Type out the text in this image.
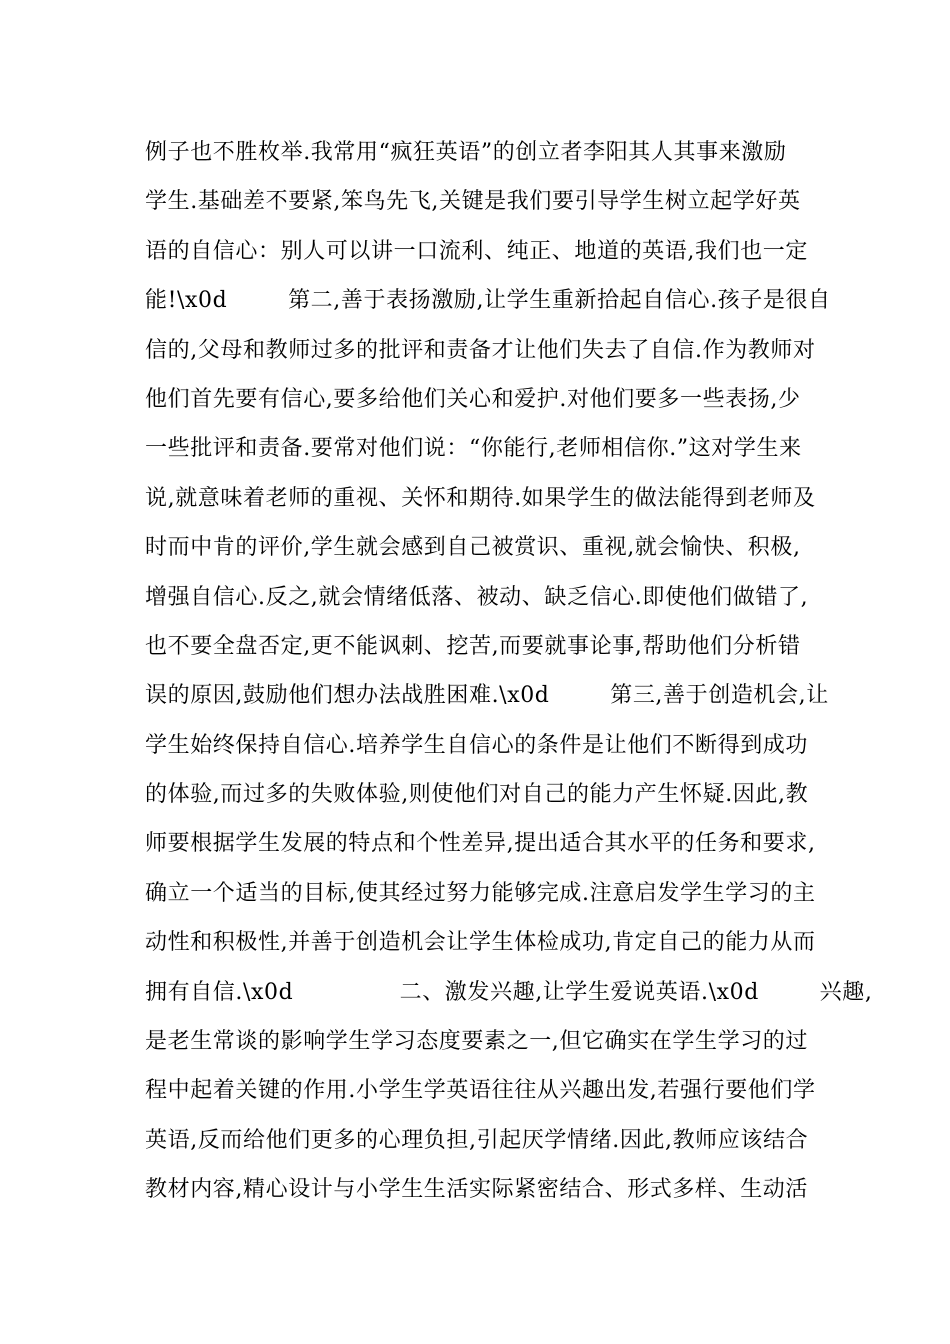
例子也不胜枚举.我常用“疯狂英语”的创立者李阳其人其事来激励
学生.基础差不要紧,笨鸟先飞,关键是我们要引导学生树立起学好英
语的自信心：别人可以讲一口流利、纯正、地道的英语,我们也一定
能!\x0d        第二,善于表扬激励,让学生重新拾起自信心.孩子是很自
信的,父母和教师过多的批评和责备才让他们失去了自信.作为教师对
他们首先要有信心,要多给他们关心和爱护.对他们要多一些表扬,少
一些批评和责备.要常对他们说：“你能行,老师相信你.”这对学生来
说,就意味着老师的重视、关怀和期待.如果学生的做法能得到老师及
时而中肯的评价,学生就会感到自己被赏识、重视,就会愉快、积极,
增强自信心.反之,就会情绪低落、被动、缺乏信心.即使他们做错了,
也不要全盘否定,更不能讽刺、挖苦,而要就事论事,帮助他们分析错
误的原因,鼓励他们想办法战胜困难.\x0d        第三,善于创造机会,让
学生始终保持自信心.培养学生自信心的条件是让他们不断得到成功
的体验,而过多的失败体验,则使他们对自己的能力产生怀疑.因此,教
师要根据学生发展的特点和个性差异,提出适合其水平的任务和要求,
确立一个适当的目标,使其经过努力能够完成.注意启发学生学习的主
动性和积极性,并善于创造机会让学生体检成功,肯定自己的能力从而
拥有自信.\x0d              二、激发兴趣,让学生爱说英语.\x0d        兴趣,
是老生常谈的影响学生学习态度要素之一,但它确实在学生学习的过
程中起着关键的作用.小学生学英语往往从兴趣出发,若强行要他们学
英语,反而给他们更多的心理负担,引起厌学情绪.因此,教师应该结合
教材内容,精心设计与小学生生活实际紧密结合、形式多样、生动活
